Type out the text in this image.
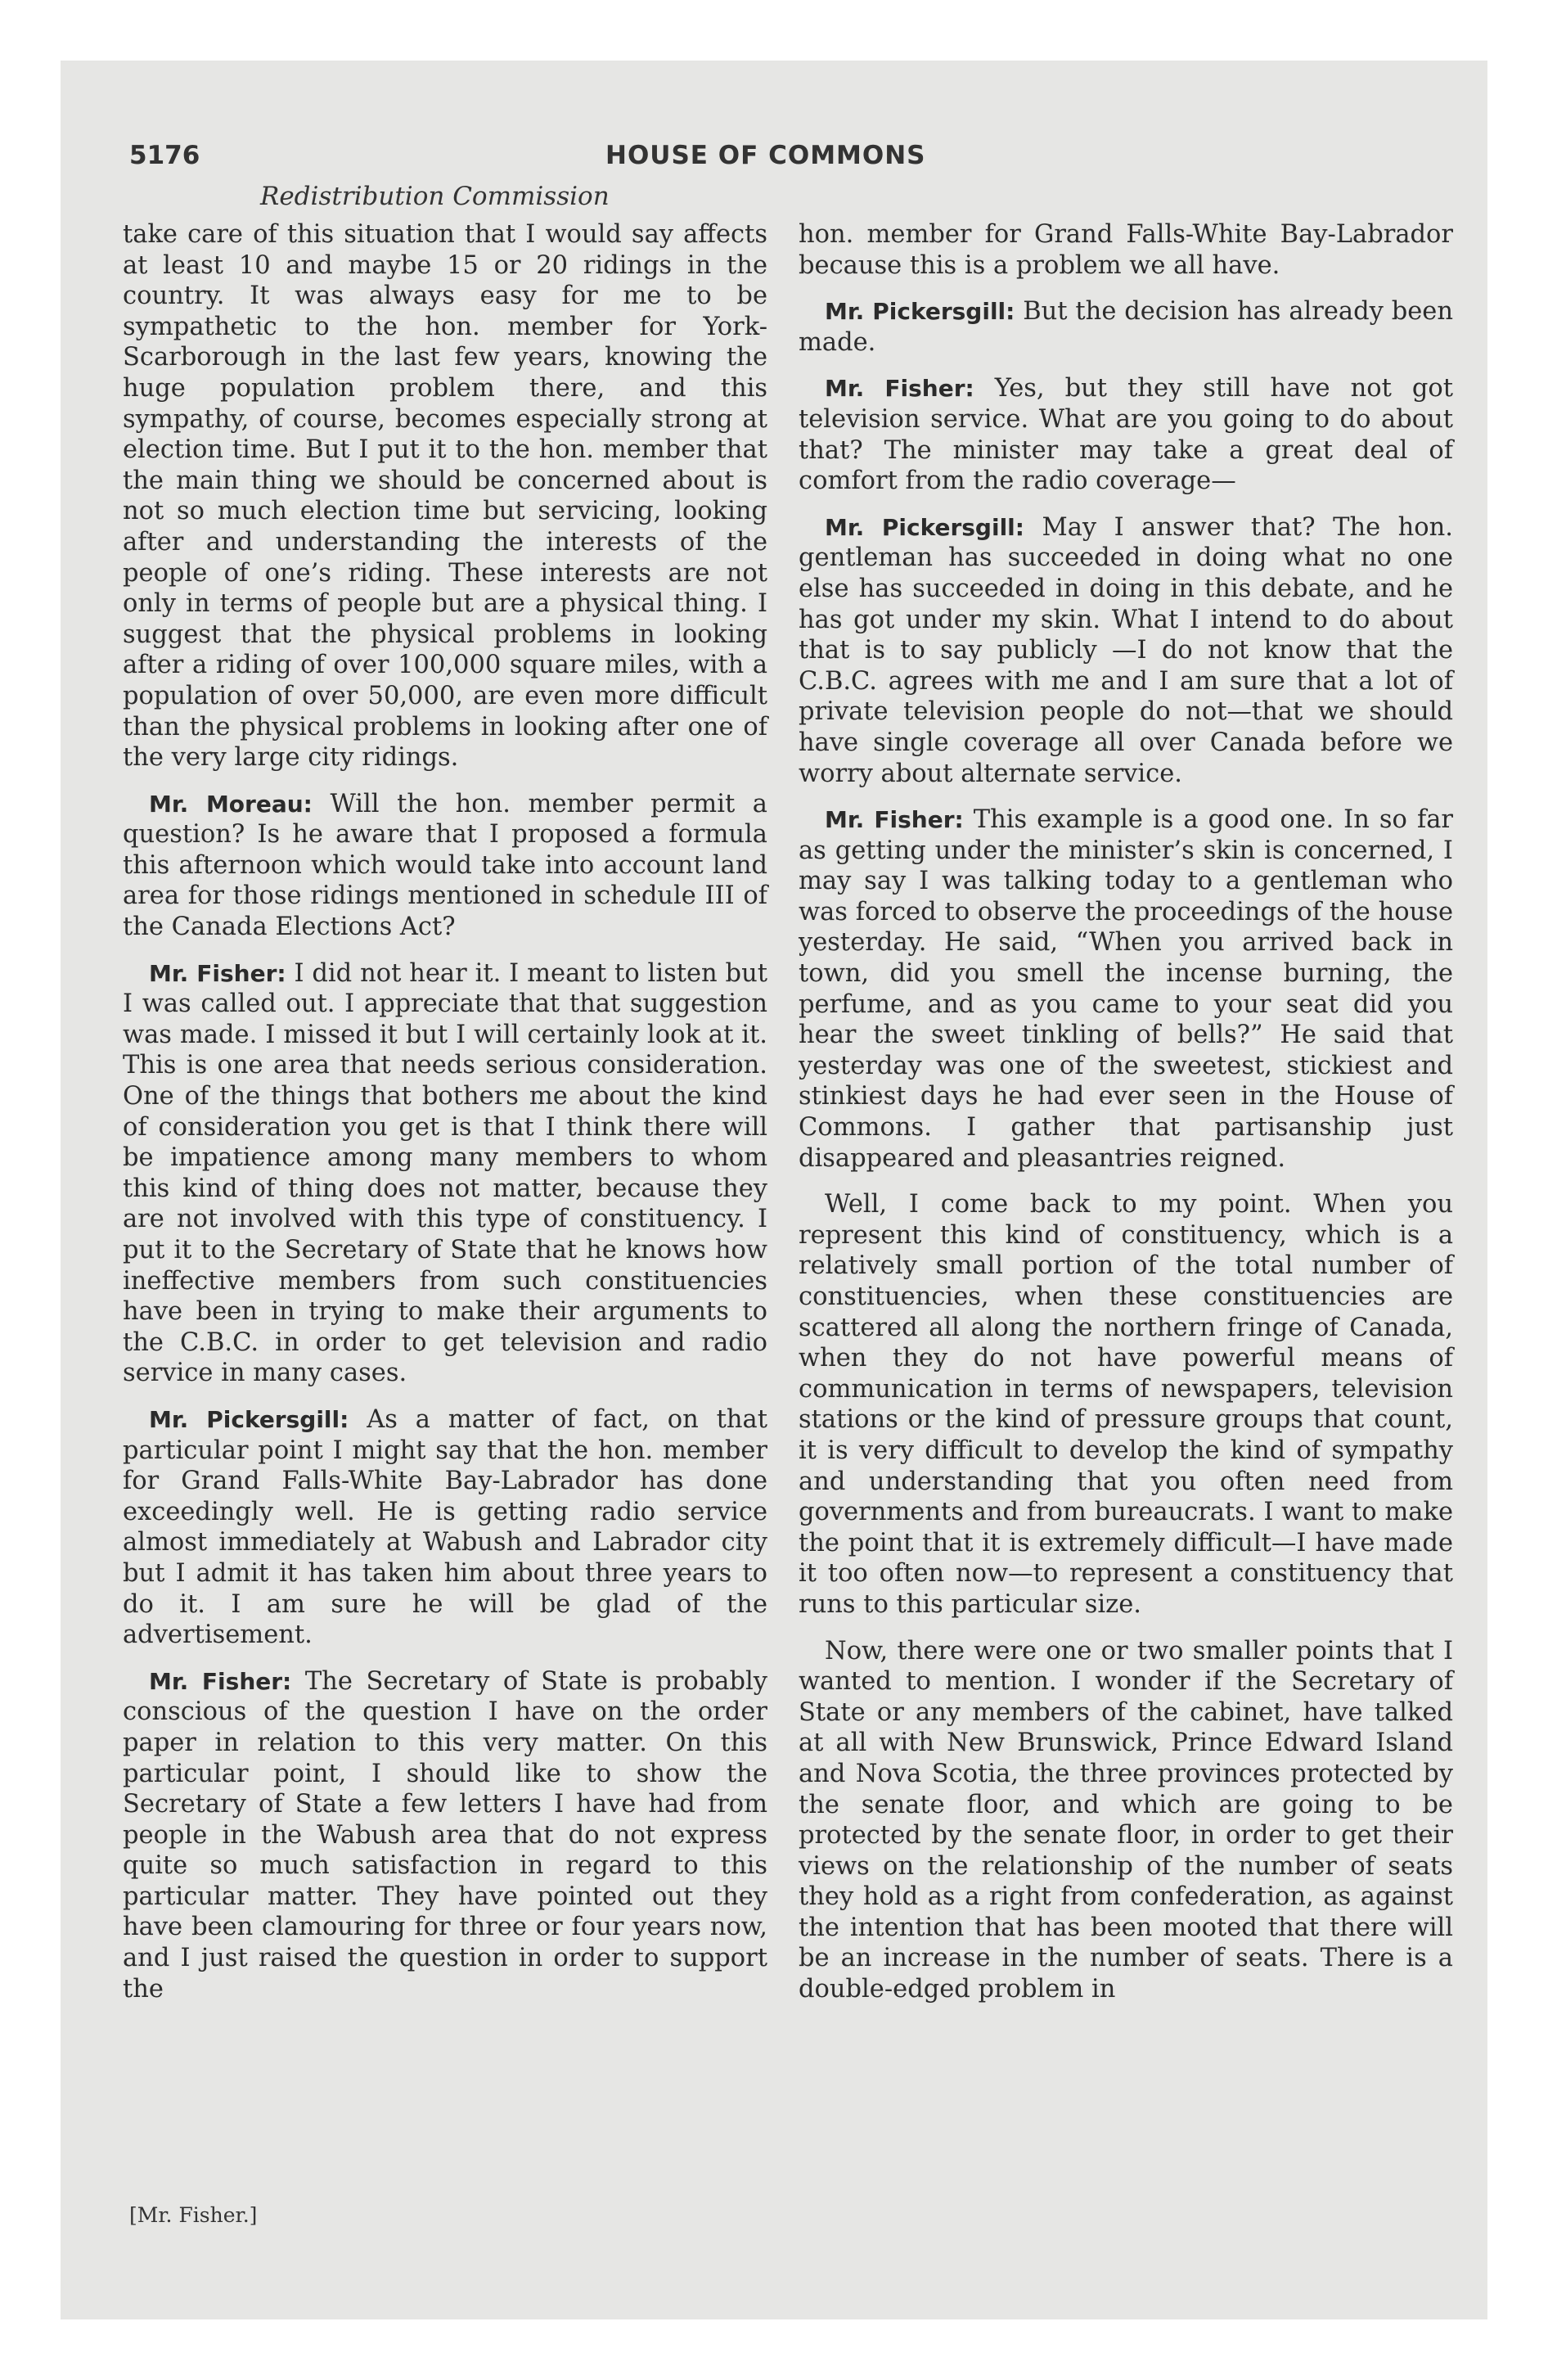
5176	HOUSE OF COMMONS
Redistribution Commission

take care of this situation that I would say affects at least 10 and maybe 15 or 20 ridings in the country. It was always easy for me to be sympathetic to the hon. member for York-Scarborough in the last few years, knowing the huge population problem there, and this sympathy, of course, becomes especially strong at election time. But I put it to the hon. member that the main thing we should be concerned about is not so much election time but servicing, looking after and understanding the interests of the people of one’s riding. These interests are not only in terms of people but are a physical thing. I suggest that the physical problems in looking after a riding of over 100,000 square miles, with a population of over 50,000, are even more difficult than the physical problems in looking after one of the very large city ridings.

Mr. Moreau: Will the hon. member permit a question? Is he aware that I proposed a formula this afternoon which would take into account land area for those ridings mentioned in schedule III of the Canada Elections Act?

Mr. Fisher: I did not hear it. I meant to listen but I was called out. I appreciate that that suggestion was made. I missed it but I will certainly look at it. This is one area that needs serious consideration. One of the things that bothers me about the kind of consideration you get is that I think there will be impatience among many members to whom this kind of thing does not matter, because they are not involved with this type of constituency. I put it to the Secretary of State that he knows how ineffective members from such constituencies have been in trying to make their arguments to the C.B.C. in order to get television and radio service in many cases.

Mr. Pickersgill: As a matter of fact, on that particular point I might say that the hon. member for Grand Falls-White Bay-Labrador has done exceedingly well. He is getting radio service almost immediately at Wabush and Labrador city but I admit it has taken him about three years to do it. I am sure he will be glad of the advertisement.

Mr. Fisher: The Secretary of State is probably conscious of the question I have on the order paper in relation to this very matter. On this particular point, I should like to show the Secretary of State a few letters I have had from people in the Wabush area that do not express quite so much satisfaction in regard to this particular matter. They have pointed out they have been clamouring for three or four years now, and I just raised the question in order to support the

hon. member for Grand Falls-White Bay-Labrador because this is a problem we all have.

Mr. Pickersgill: But the decision has already been made.

Mr. Fisher: Yes, but they still have not got television service. What are you going to do about that? The minister may take a great deal of comfort from the radio coverage—

Mr. Pickersgill: May I answer that? The hon. gentleman has succeeded in doing what no one else has succeeded in doing in this debate, and he has got under my skin. What I intend to do about that is to say publicly —I do not know that the C.B.C. agrees with me and I am sure that a lot of private television people do not—that we should have single coverage all over Canada before we worry about alternate service.

Mr. Fisher: This example is a good one. In so far as getting under the minister’s skin is concerned, I may say I was talking today to a gentleman who was forced to observe the proceedings of the house yesterday. He said, “When you arrived back in town, did you smell the incense burning, the perfume, and as you came to your seat did you hear the sweet tinkling of bells?” He said that yesterday was one of the sweetest, stickiest and stinkiest days he had ever seen in the House of Commons. I gather that partisanship just disappeared and pleasantries reigned.

Well, I come back to my point. When you represent this kind of constituency, which is a relatively small portion of the total number of constituencies, when these constituencies are scattered all along the northern fringe of Canada, when they do not have powerful means of communication in terms of newspapers, television stations or the kind of pressure groups that count, it is very difficult to develop the kind of sympathy and understanding that you often need from governments and from bureaucrats. I want to make the point that it is extremely difficult—I have made it too often now—to represent a constituency that runs to this particular size.

Now, there were one or two smaller points that I wanted to mention. I wonder if the Secretary of State or any members of the cabinet, have talked at all with New Brunswick, Prince Edward Island and Nova Scotia, the three provinces protected by the senate floor, and which are going to be protected by the senate floor, in order to get their views on the relationship of the number of seats they hold as a right from confederation, as against the intention that has been mooted that there will be an increase in the number of seats. There is a double-edged problem in

[Mr. Fisher.]
